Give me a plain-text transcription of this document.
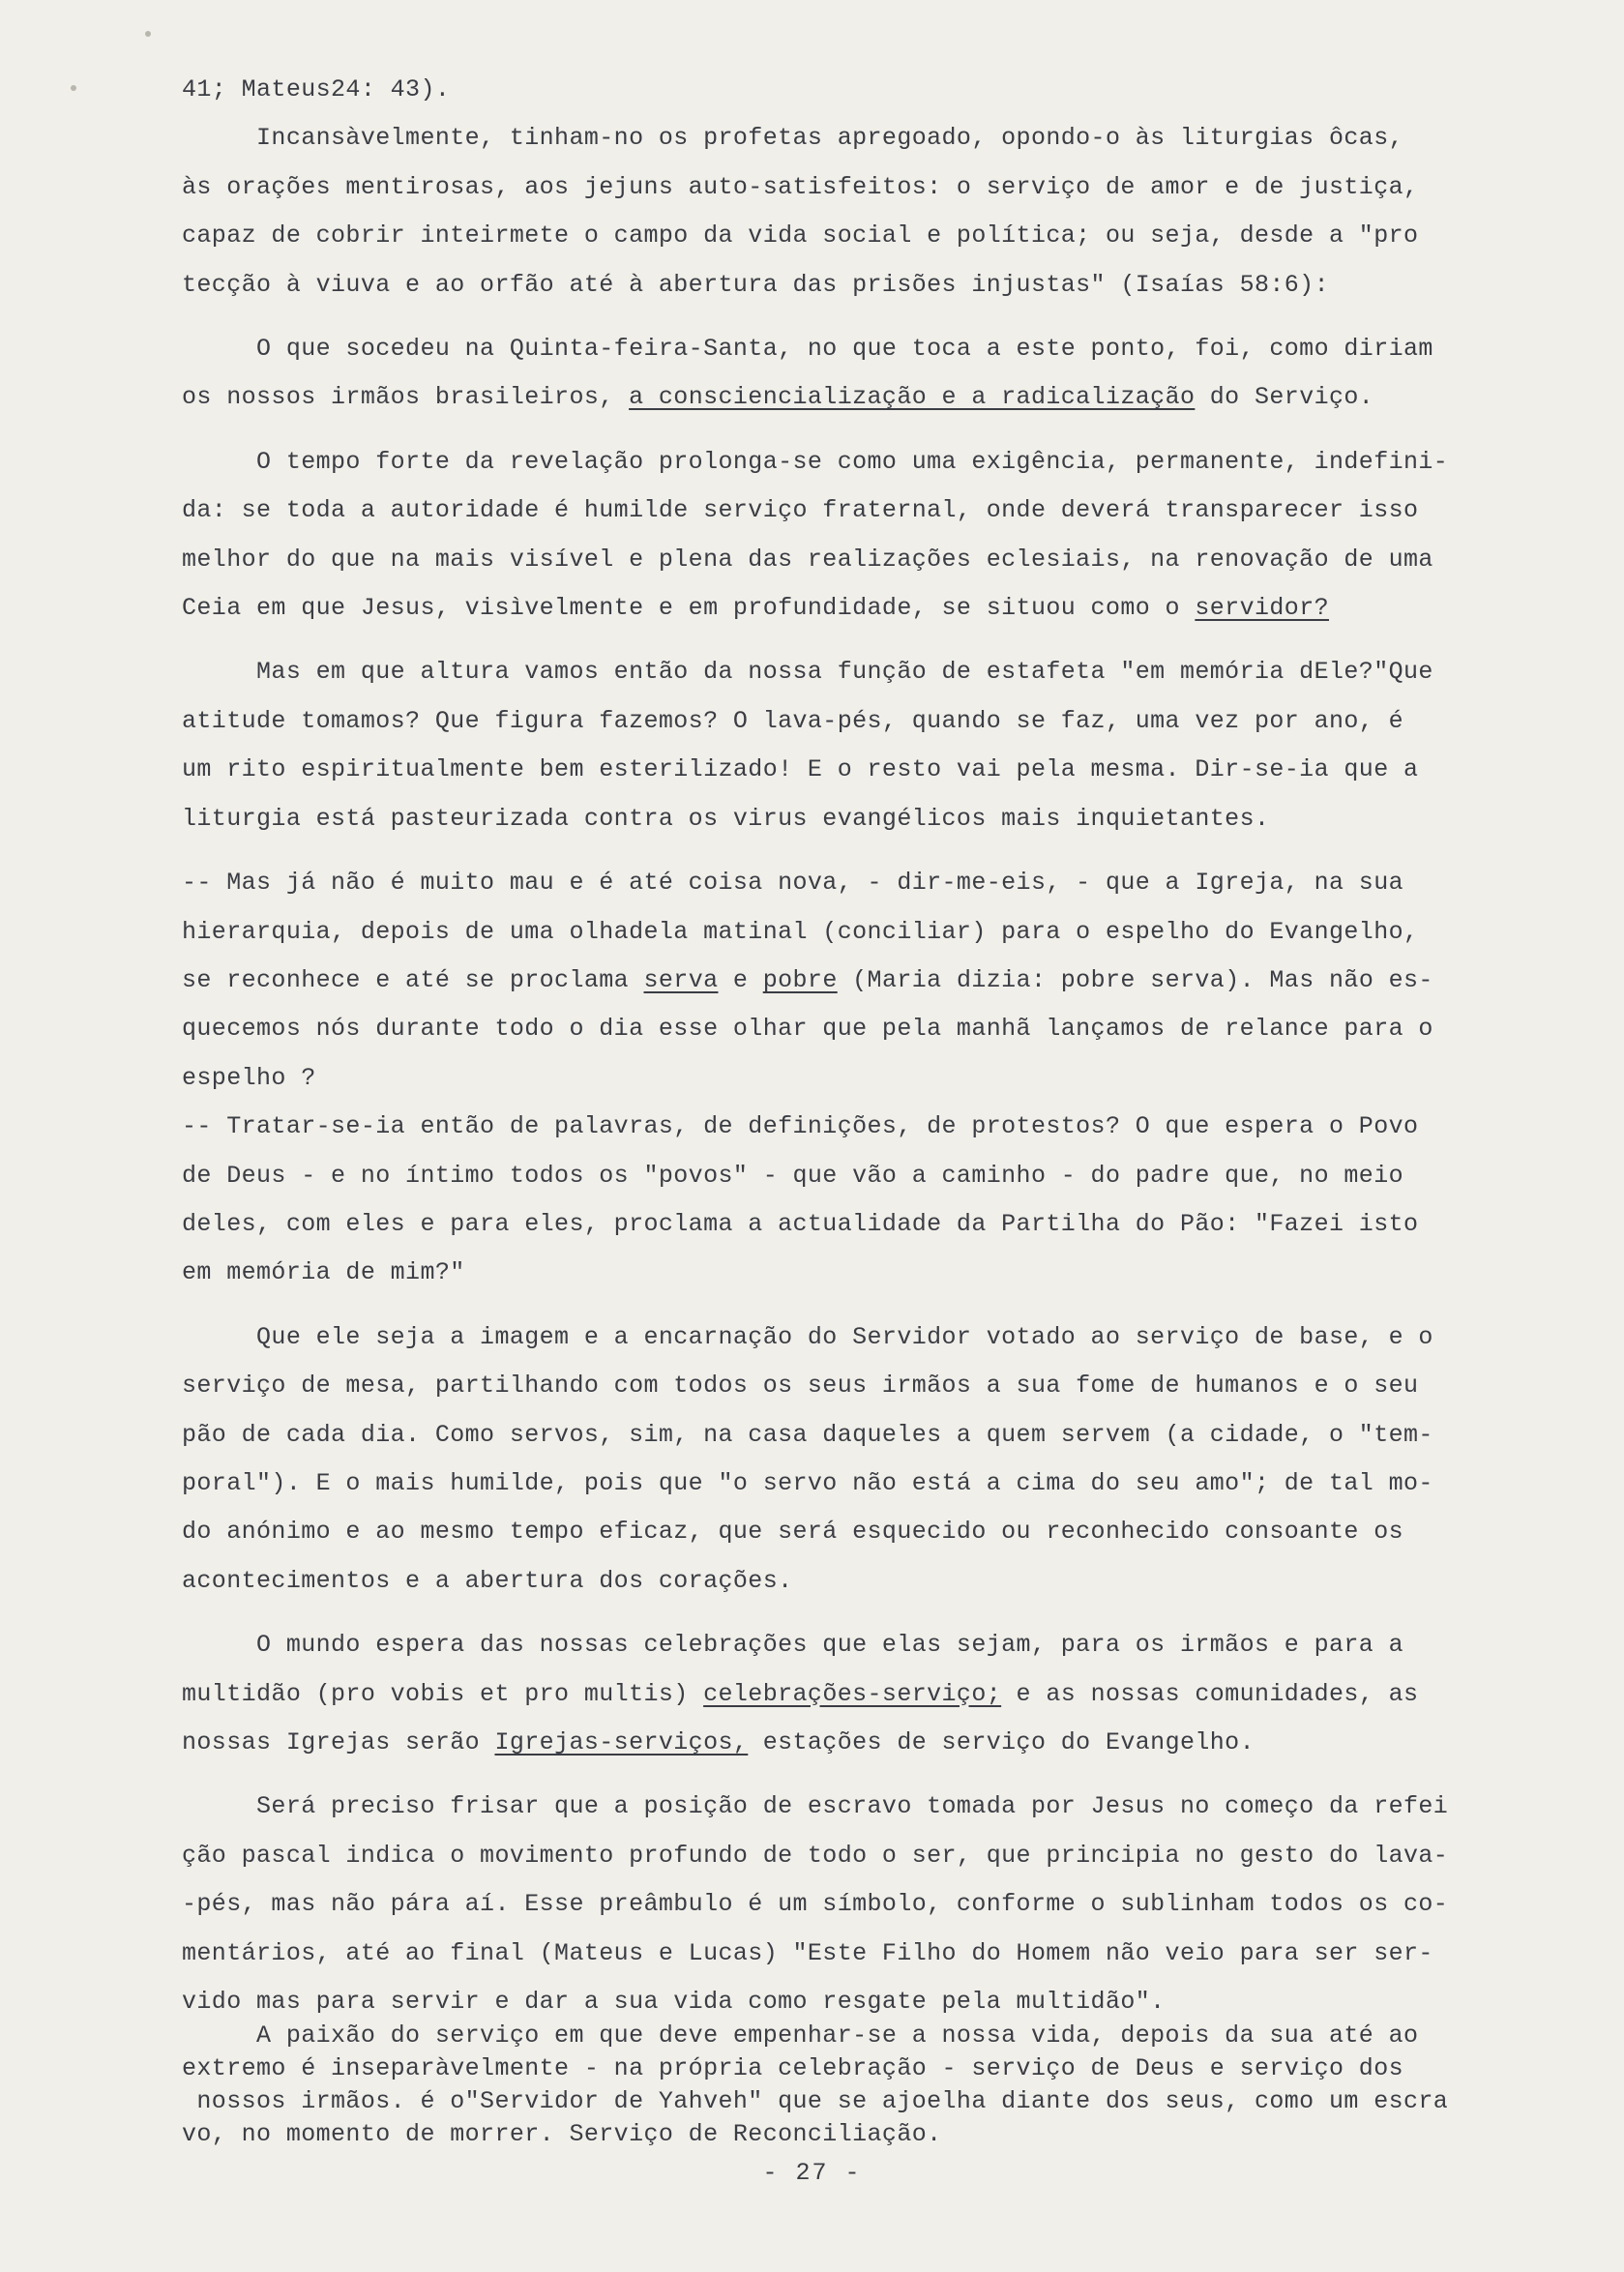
41; Mateus24: 43).

Incansàvelmente, tinham-no os profetas apregoado, opondo-o às liturgias ôcas,

às orações mentirosas, aos jejuns auto-satisfeitos: o serviço de amor e de justiça,

capaz de cobrir inteirmete o campo da vida social e política; ou seja, desde a "pro

tecção à viuva e ao orfão até à abertura das prisões injustas" (Isaías 58:6):

O que socedeu na Quinta-feira-Santa, no que toca a este ponto, foi, como diriam

os nossos irmãos brasileiros, a consciencialização e a radicalização do Serviço.

O tempo forte da revelação prolonga-se como uma exigência, permanente, indefini-

da: se toda a autoridade é humilde serviço fraternal, onde deverá transparecer isso

melhor do que na mais visível e plena das realizações eclesiais, na renovação de uma

Ceia em que Jesus, visìvelmente e em profundidade, se situou como o servidor?

Mas em que altura vamos então da nossa função de estafeta "em memória dEle?"Que

atitude tomamos? Que figura fazemos? O lava-pés, quando se faz, uma vez por ano, é

um rito espiritualmente bem esterilizado! E o resto vai pela mesma. Dir-se-ia que a

liturgia está pasteurizada contra os virus evangélicos mais inquietantes.

-- Mas já não é muito mau e é até coisa nova, - dir-me-eis, - que a Igreja, na sua

hierarquia, depois de uma olhadela matinal (conciliar) para o espelho do Evangelho,

se reconhece e até se proclama serva e pobre (Maria dizia: pobre serva). Mas não es-

quecemos nós durante todo o dia esse olhar que pela manhã lançamos de relance para o

espelho ?

-- Tratar-se-ia então de palavras, de definições, de protestos? O que espera o Povo

de Deus - e no íntimo todos os "povos" - que vão a caminho - do padre que, no meio

deles, com eles e para eles, proclama a actualidade da Partilha do Pão: "Fazei isto

em memória de mim?"

Que ele seja a imagem e a encarnação do Servidor votado ao serviço de base, e o

serviço de mesa, partilhando com todos os seus irmãos a sua fome de humanos e o seu

pão de cada dia. Como servos, sim, na casa daqueles a quem servem (a cidade, o "tem-

poral"). E o mais humilde, pois que "o servo não está a cima do seu amo"; de tal mo-

do anónimo e ao mesmo tempo eficaz, que será esquecido ou reconhecido consoante os

acontecimentos e a abertura dos corações.

O mundo espera das nossas celebrações que elas sejam, para os irmãos e para a

multidão (pro vobis et pro multis) celebrações-serviço; e as nossas comunidades, as

nossas Igrejas serão Igrejas-serviços, estações de serviço do Evangelho.

Será preciso frisar que a posição de escravo tomada por Jesus no começo da refei

ção pascal indica o movimento profundo de todo o ser, que principia no gesto do lava-

-pés, mas não pára aí. Esse preâmbulo é um símbolo, conforme o sublinham todos os co-

mentários, até ao final (Mateus e Lucas) "Este Filho do Homem não veio para ser ser-

vido mas para servir e dar a sua vida como resgate pela multidão".

A paixão do serviço em que deve empenhar-se a nossa vida, depois da sua até ao

extremo é inseparàvelmente - na própria celebração - serviço de Deus e serviço dos

nossos irmãos. é o"Servidor de Yahveh" que se ajoelha diante dos seus, como um escra

vo, no momento de morrer. Serviço de Reconciliação.

- 27 -
